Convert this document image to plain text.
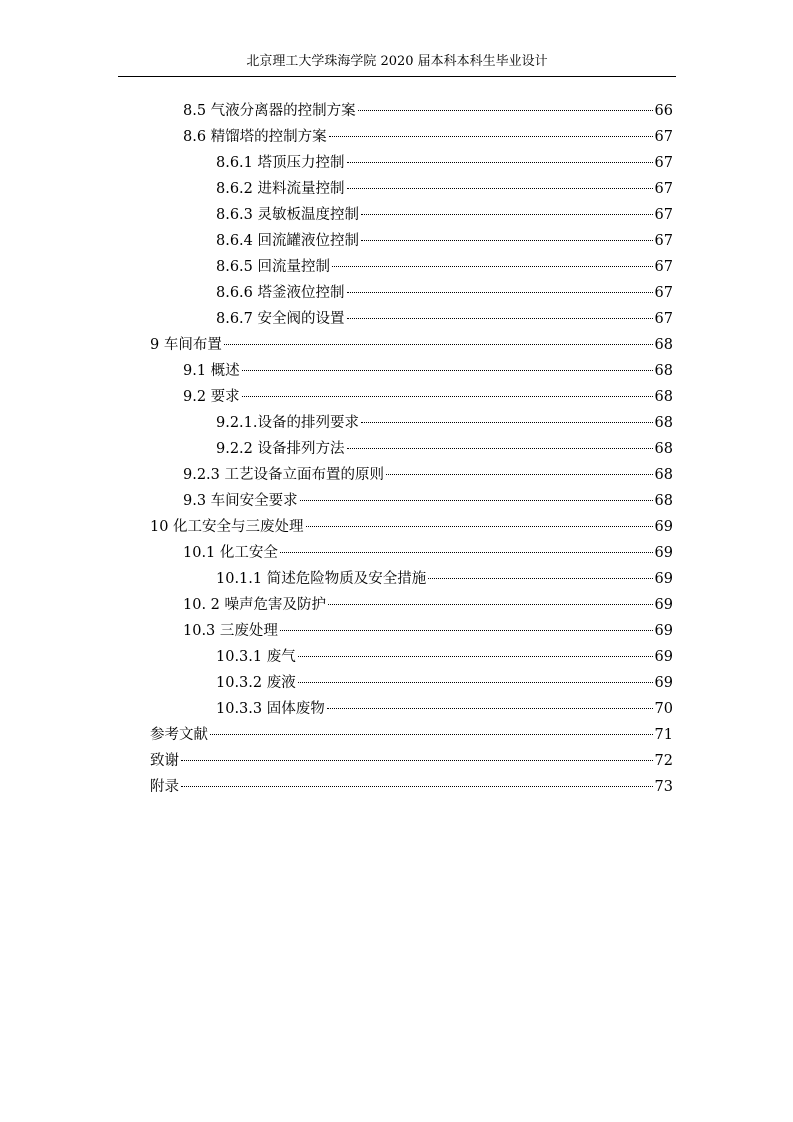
北京理工大学珠海学院 2020 届本科本科生毕业设计
8.5 气液分离器的控制方案	66
8.6 精馏塔的控制方案	67
8.6.1 塔顶压力控制	67
8.6.2 进料流量控制	67
8.6.3 灵敏板温度控制	67
8.6.4 回流罐液位控制	67
8.6.5 回流量控制	67
8.6.6 塔釜液位控制	67
8.6.7 安全阀的设置	67
9 车间布置	68
9.1 概述	68
9.2 要求	68
9.2.1.设备的排列要求	68
9.2.2 设备排列方法	68
9.2.3 工艺设备立面布置的原则	68
9.3 车间安全要求	68
10 化工安全与三废处理	69
10.1 化工安全	69
10.1.1 简述危险物质及安全措施	69
10. 2 噪声危害及防护	69
10.3 三废处理	69
10.3.1 废气	69
10.3.2 废液	69
10.3.3 固体废物	70
参考文献	71
致谢	72
附录	73
